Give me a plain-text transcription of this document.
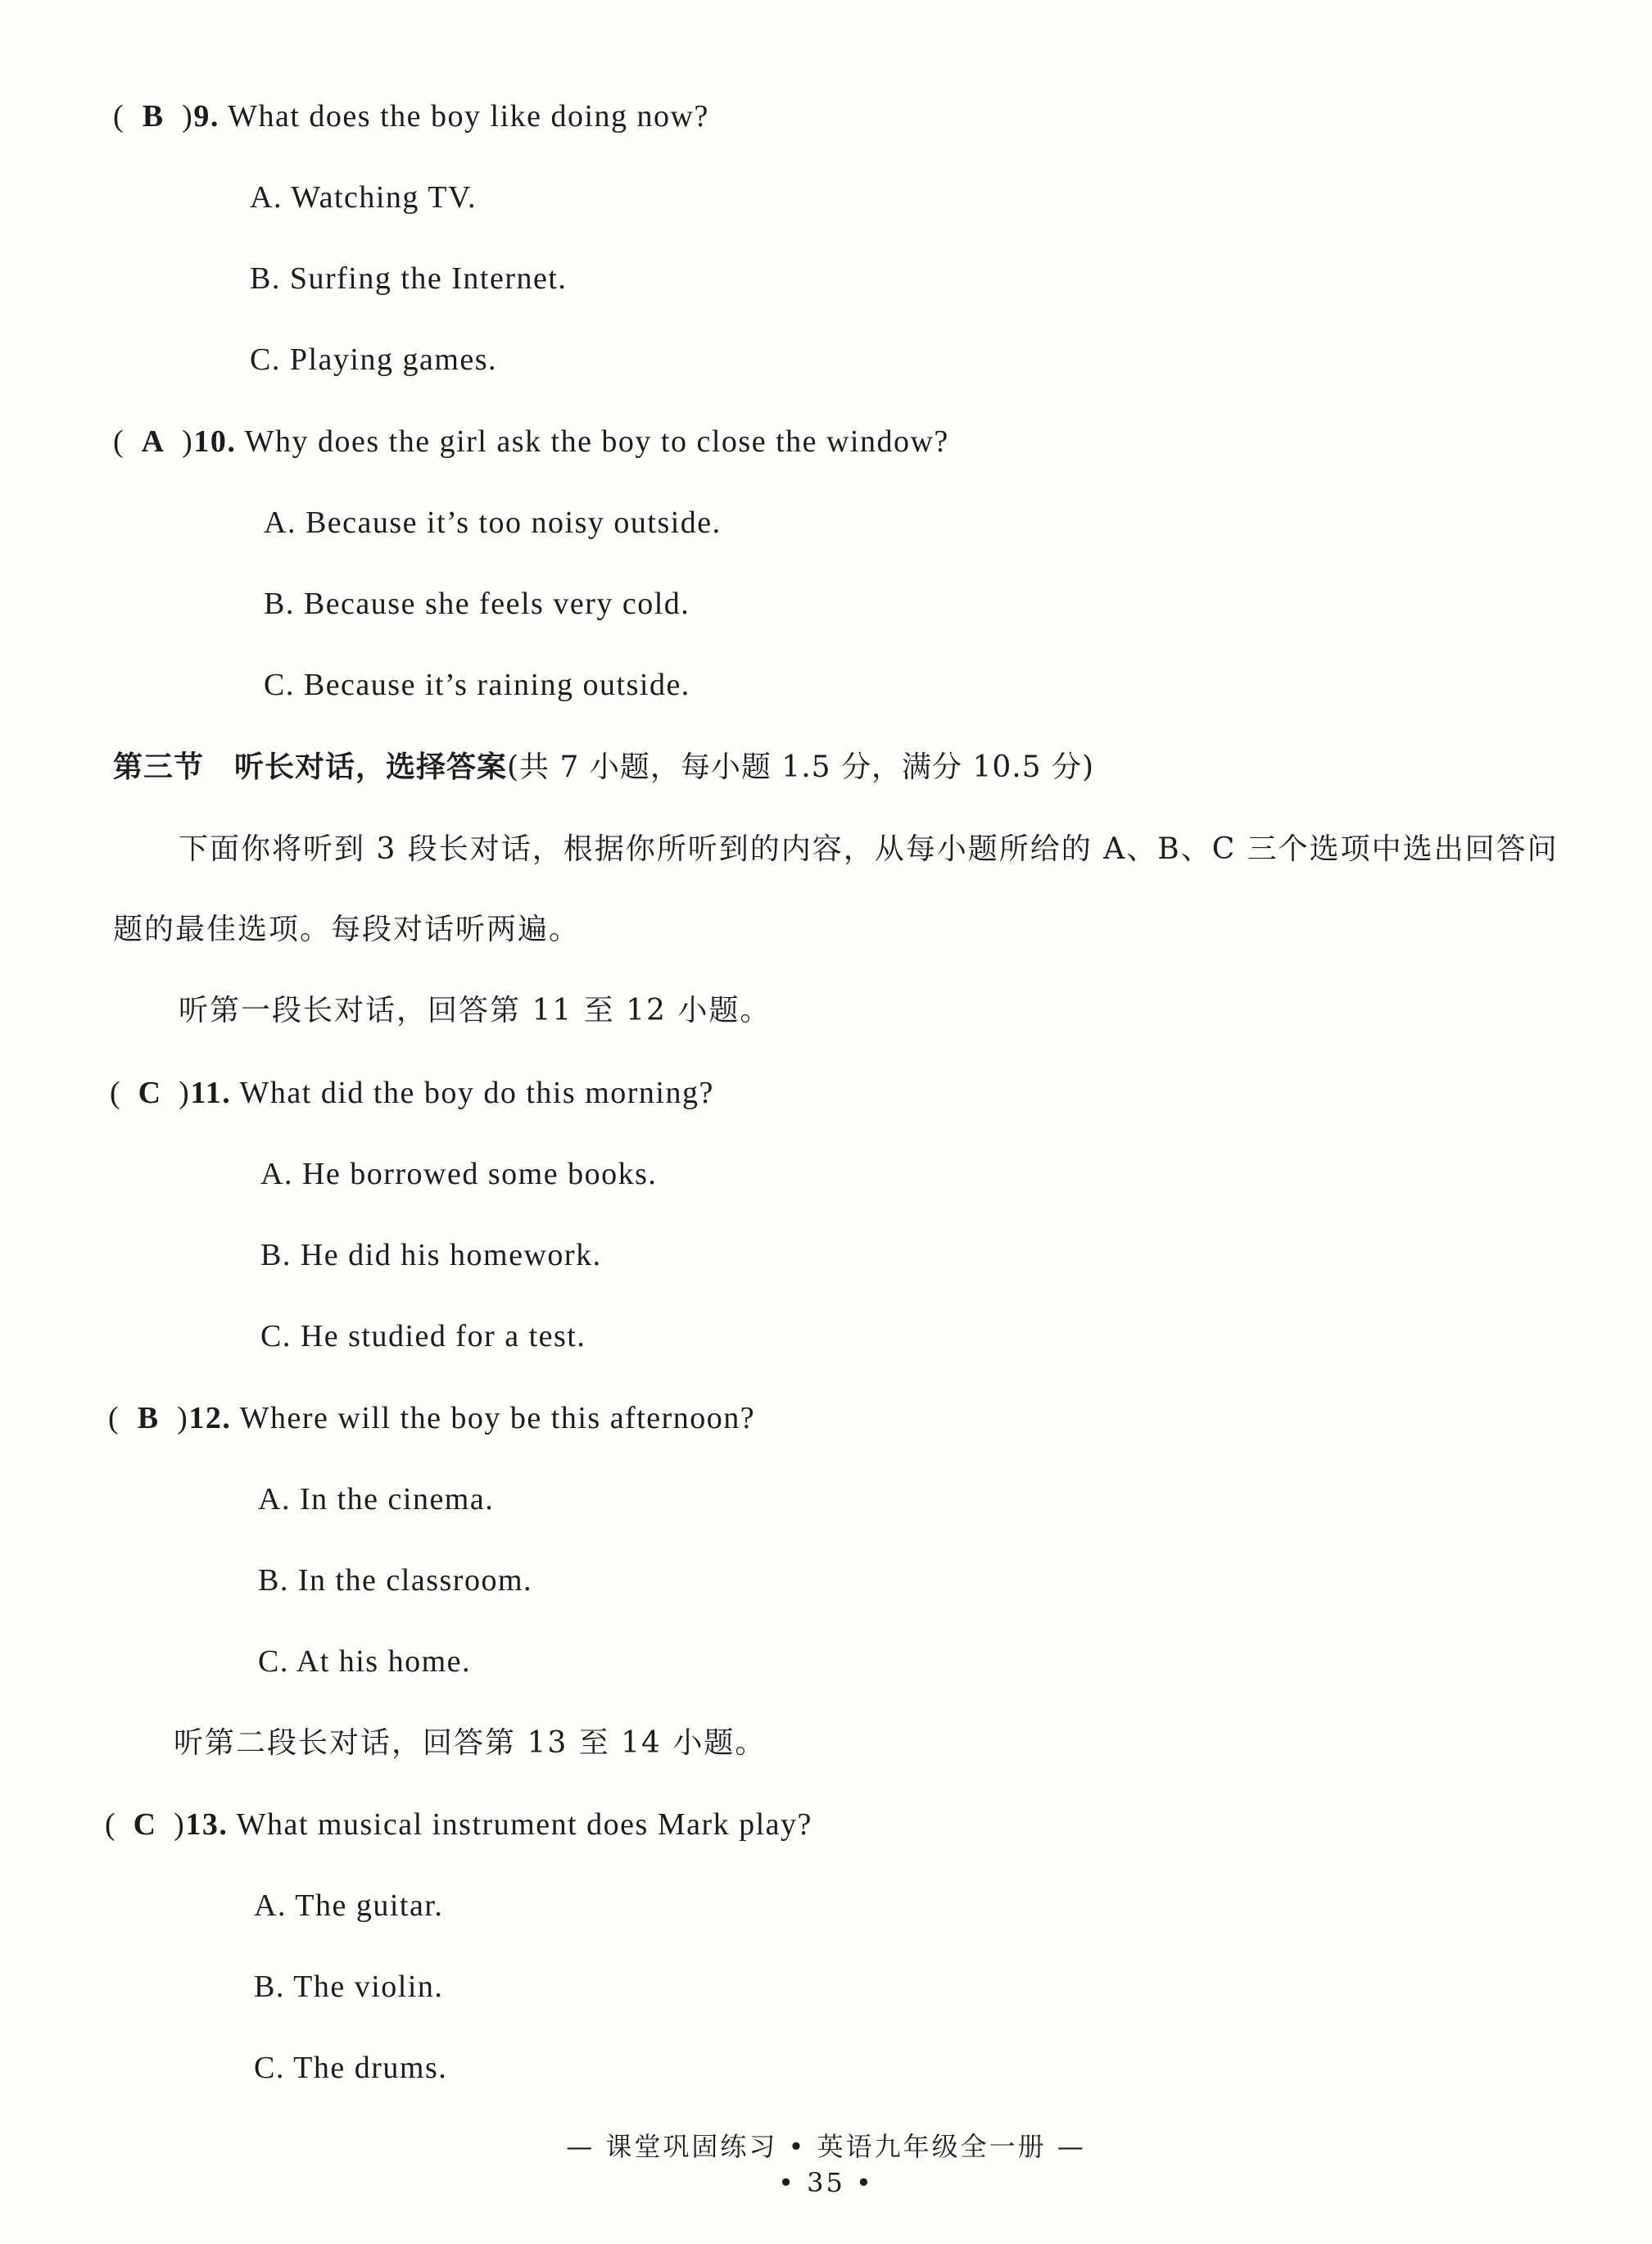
( B )9. What does the boy like doing now?
A. Watching TV.
B. Surfing the Internet.
C. Playing games.
( A )10. Why does the girl ask the boy to close the window?
A. Because it’s too noisy outside.
B. Because she feels very cold.
C. Because it’s raining outside.
第三节　听长对话，选择答案(共 7 小题，每小题 1.5 分，满分 10.5 分)
下面你将听到 3 段长对话，根据你所听到的内容，从每小题所给的 A、B、C 三个选项中选出回答问
题的最佳选项。每段对话听两遍。
听第一段长对话，回答第 11 至 12 小题。
( C )11. What did the boy do this morning?
A. He borrowed some books.
B. He did his homework.
C. He studied for a test.
( B )12. Where will the boy be this afternoon?
A. In the cinema.
B. In the classroom.
C. At his home.
听第二段长对话，回答第 13 至 14 小题。
( C )13. What musical instrument does Mark play?
A. The guitar.
B. The violin.
C. The drums.
— 课堂巩固练习 • 英语九年级全一册 —
• 35 •
